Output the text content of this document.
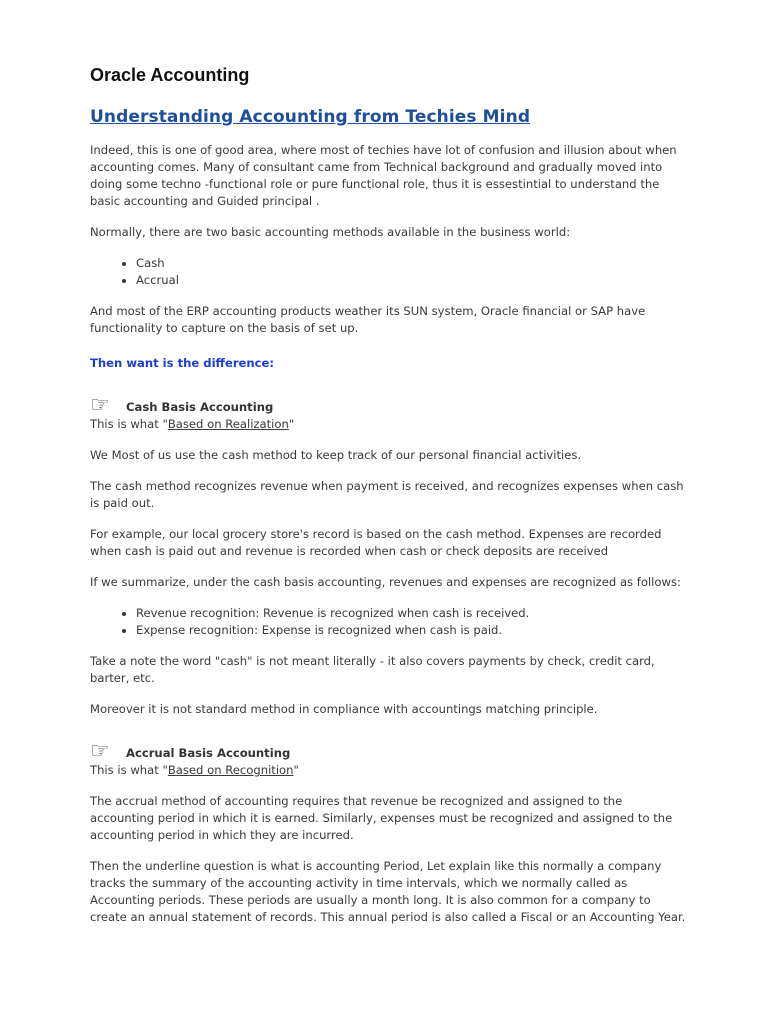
Oracle Accounting
Understanding Accounting from Techies Mind

Indeed, this is one of good area, where most of techies have lot of confusion and illusion about when accounting comes. Many of consultant came from Technical background and gradually moved into doing some techno -functional role or pure functional role, thus it is essestintial to understand the basic accounting and Guided principal .

Normally, there are two basic accounting methods available in the business world:

• Cash
• Accrual

And most of the ERP accounting products weather its SUN system, Oracle financial or SAP have functionality to capture on the basis of set up.

Then want is the difference:

☞	Cash Basis Accounting

This is what "Based on Realization"

We Most of us use the cash method to keep track of our personal financial activities.

The cash method recognizes revenue when payment is received, and recognizes expenses when cash is paid out.

For example, our local grocery store's record is based on the cash method. Expenses are recorded when cash is paid out and revenue is recorded when cash or check deposits are received

If we summarize, under the cash basis accounting, revenues and expenses are recognized as follows:

• Revenue recognition: Revenue is recognized when cash is received.
• Expense recognition: Expense is recognized when cash is paid.

Take a note the word "cash" is not meant literally - it also covers payments by check, credit card, barter, etc.

Moreover it is not standard method in compliance with accountings matching principle.

☞	Accrual Basis Accounting

This is what "Based on Recognition"

The accrual method of accounting requires that revenue be recognized and assigned to the accounting period in which it is earned. Similarly, expenses must be recognized and assigned to the accounting period in which they are incurred.

Then the underline question is what is accounting Period, Let explain like this normally a company tracks the summary of the accounting activity in time intervals, which we normally called as Accounting periods. These periods are usually a month long. It is also common for a company to create an annual statement of records. This annual period is also called a Fiscal or an Accounting Year.
